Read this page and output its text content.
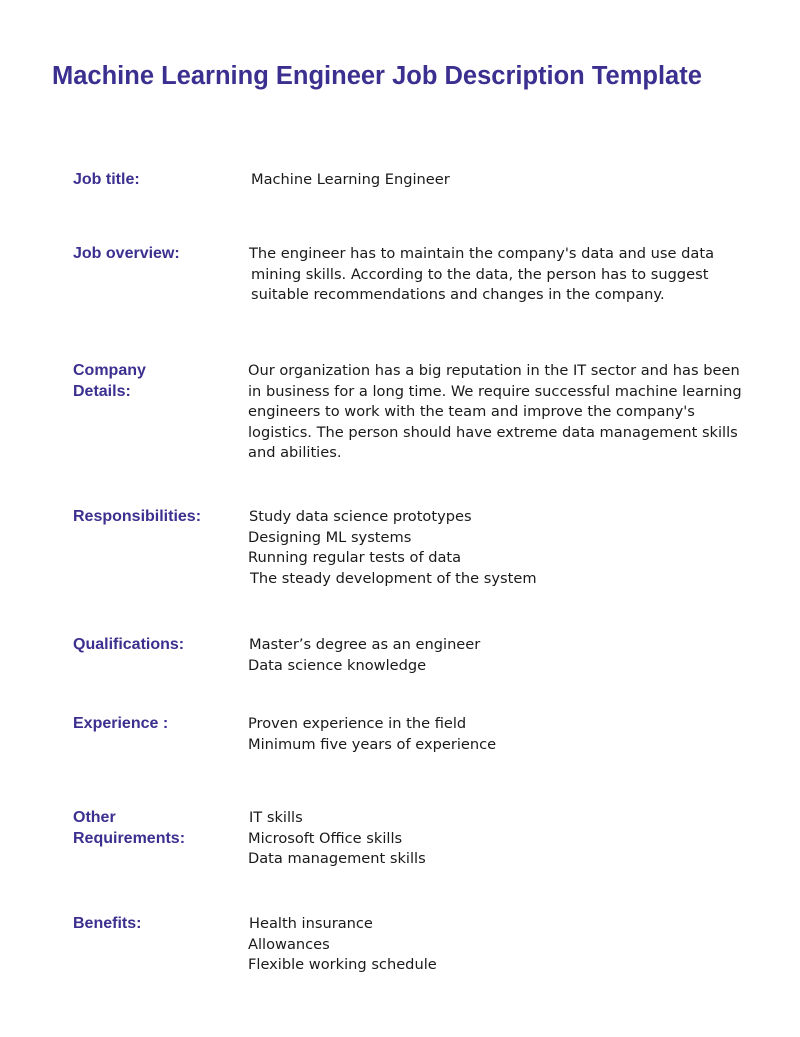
Machine Learning Engineer Job Description Template
Job title:	Machine Learning Engineer

Job overview:	The engineer has to maintain the company's data and use data

mining skills. According to the data, the person has to suggest

suitable recommendations and changes in the company.

Company
Details:

Our organization has a big reputation in the IT sector and has been

in business for a long time. We require successful machine learning

engineers to work with the team and improve the company's

logistics. The person should have extreme data management skills

and abilities.

Responsibilities:	Study data science prototypes
Designing ML systems
Running regular tests of data
The steady development of the system
Qualifications:	Master’s degree as an engineer
Data science knowledge
Experience :	Proven experience in the field
Minimum five years of experience
Other
Requirements:
IT skills
Microsoft Office skills
Data management skills
Benefits:	Health insurance
Allowances
Flexible working schedule
